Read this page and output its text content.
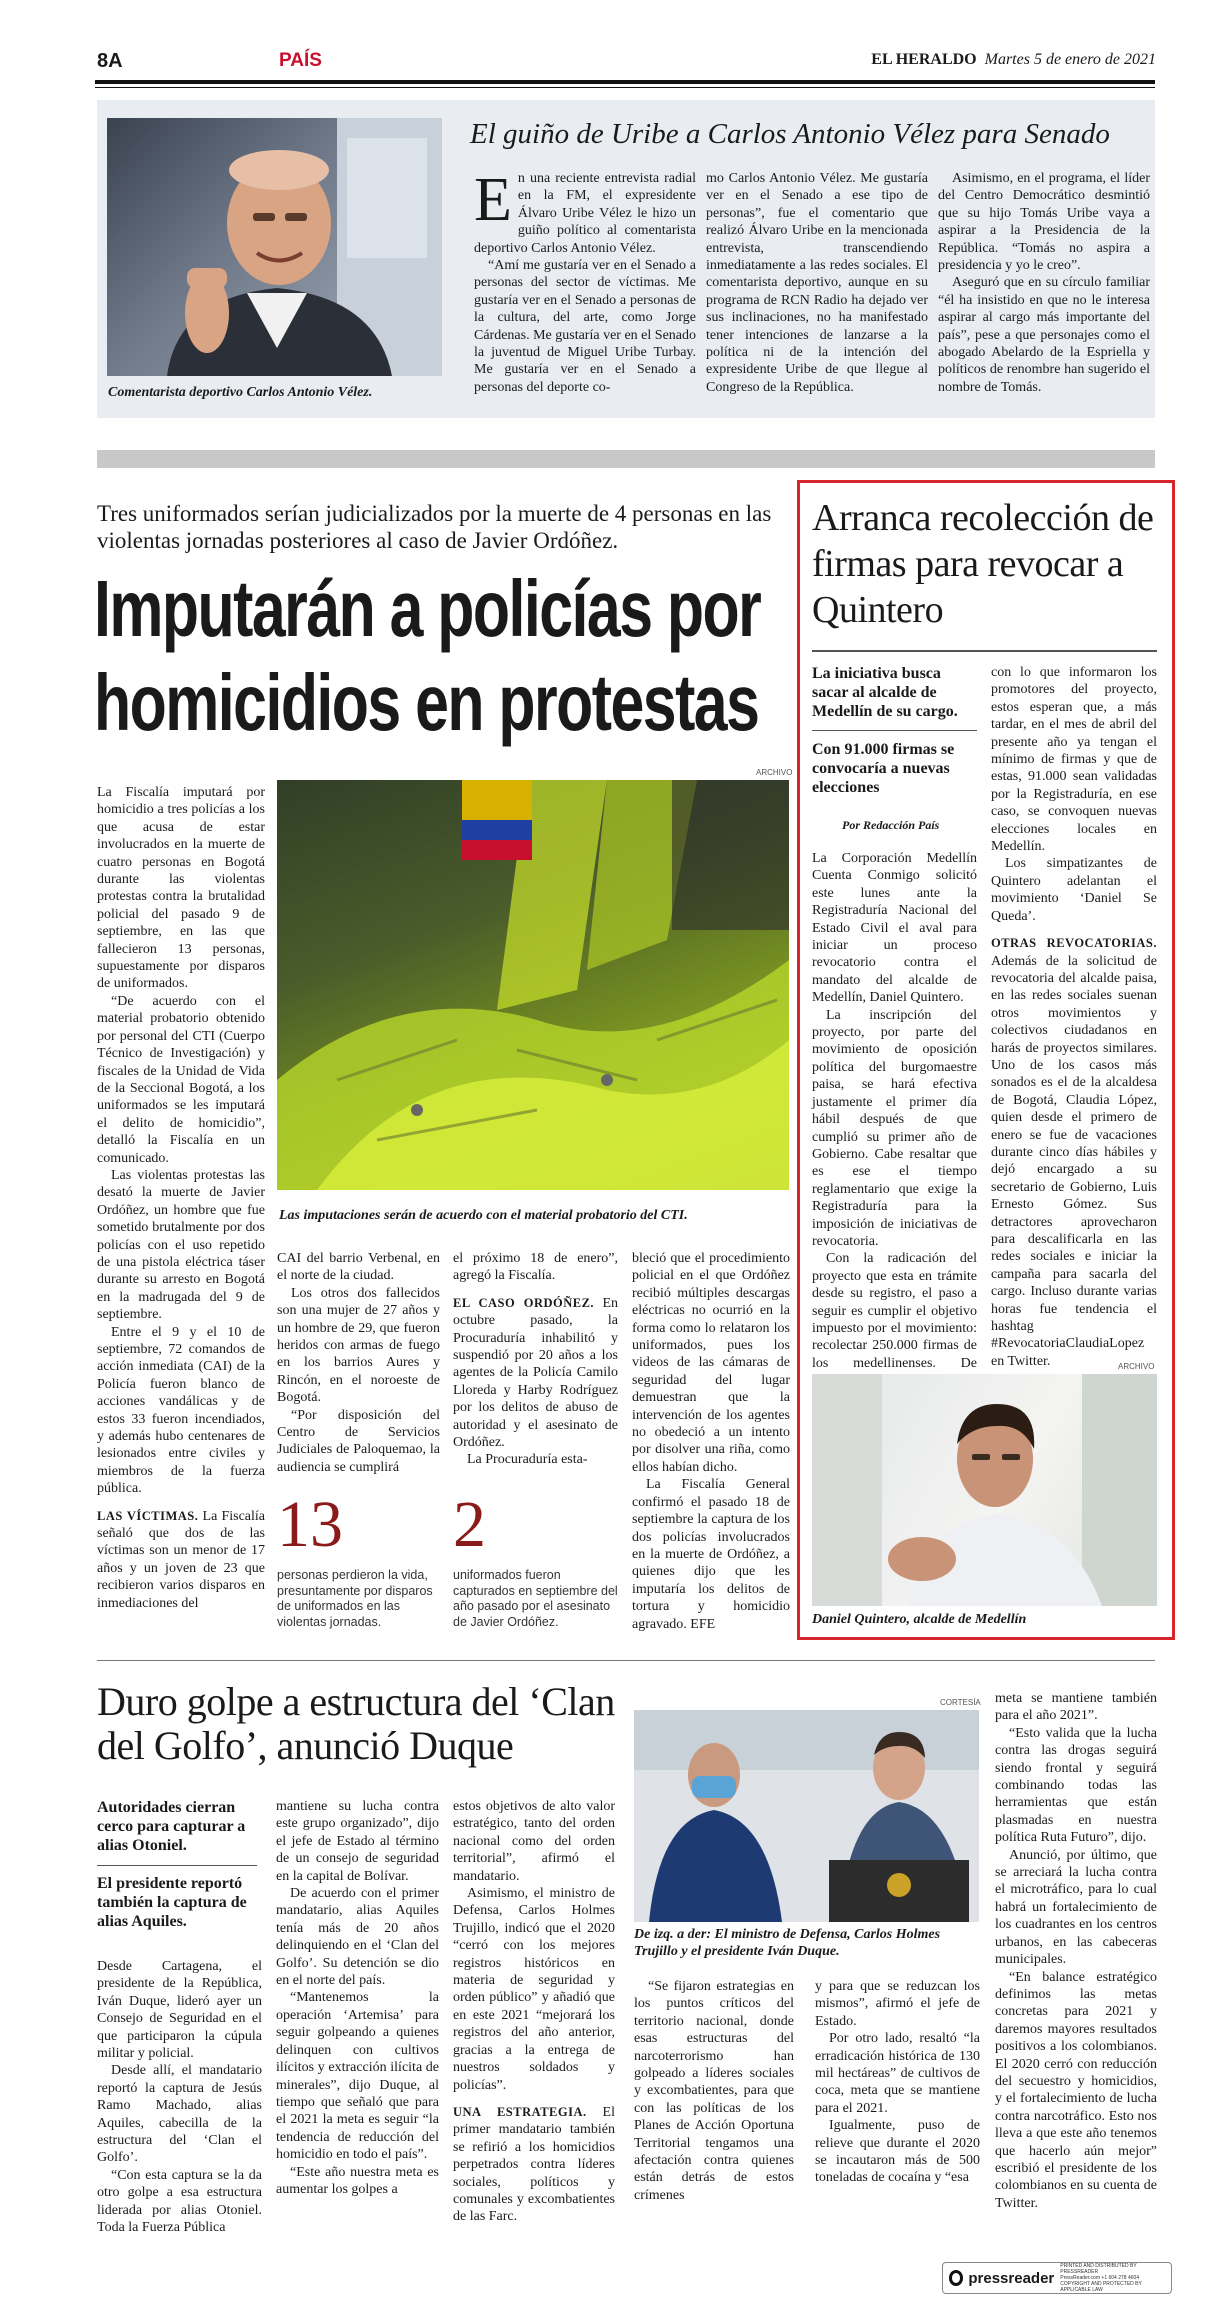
8A	PAÍS	EL HERALDO Martes 5 de enero de 2021
Comentarista deportivo Carlos Antonio Vélez.
El guiño de Uribe a Carlos Antonio Vélez para Senado
E n una reciente entrevista radial en la FM, el expresidente Álvaro Uribe Vélez le hizo un guiño político al comentarista deportivo Carlos Antonio Vélez.

“Amí me gustaría ver en el Senado a personas del sector de víctimas. Me gustaría ver en el Senado a personas de la cultura, del arte, como Jorge Cárdenas. Me gustaría ver en el Senado la juventud de Miguel Uribe Turbay. Me gustaría ver en el Senado a personas del deporte co-

mo Carlos Antonio Vélez. Me gustaría ver en el Senado a ese tipo de personas”, fue el comentario que realizó Álvaro Uribe en la mencionada entrevista, transcendiendo inmediatamente a las redes sociales. El comentarista deportivo, aunque en su programa de RCN Radio ha dejado ver sus inclinaciones, no ha manifestado tener intenciones de lanzarse a la política ni de la intención del expresidente Uribe de que llegue al Congreso de la República.

Asimismo, en el programa, el líder del Centro Democrático desmintió que su hijo Tomás Uribe vaya a aspirar a la Presidencia de la República. “Tomás no aspira a presidencia y yo le creo”.

Aseguró que en su círculo familiar “él ha insistido en que no le interesa aspirar al cargo más importante del país”, pese a que personajes como el abogado Abelardo de la Espriella y políticos de renombre han sugerido el nombre de Tomás.

Tres uniformados serían judicializados por la muerte de 4 personas en las violentas jornadas posteriores al caso de Javier Ordóñez.
Imputarán a policías por
homicidios en protestas
ARCHIVO
Las imputaciones serán de acuerdo con el material probatorio del CTI.

La Fiscalía imputará por homicidio a tres policías a los que acusa de estar involucrados en la muerte de cuatro personas en Bogotá durante las violentas protestas contra la brutalidad policial del pasado 9 de septiembre, en las que fallecieron 13 personas, supuestamente por disparos de uniformados.

“De acuerdo con el material probatorio obtenido por personal del CTI (Cuerpo Técnico de Investigación) y fiscales de la Unidad de Vida de la Seccional Bogotá, a los uniformados se les imputará el delito de homicidio”, detalló la Fiscalía en un comunicado.

Las violentas protestas las desató la muerte de Javier Ordóñez, un hombre que fue sometido brutalmente por dos policías con el uso repetido de una pistola eléctrica táser durante su arresto en Bogotá en la madrugada del 9 de septiembre.

Entre el 9 y el 10 de septiembre, 72 comandos de acción inmediata (CAI) de la Policía fueron blanco de acciones vandálicas y de estos 33 fueron incendiados, y además hubo centenares de lesionados entre civiles y miembros de la fuerza pública.

LAS VÍCTIMAS. La Fiscalía señaló que dos de las víctimas son un menor de 17 años y un joven de 23 que recibieron varios disparos en inmediaciones del

CAI del barrio Verbenal, en el norte de la ciudad.

Los otros dos fallecidos son una mujer de 27 años y un hombre de 29, que fueron heridos con armas de fuego en los barrios Aures y Rincón, en el noroeste de Bogotá.

“Por disposición del Centro de Servicios Judiciales de Paloquemao, la audiencia se cumplirá

el próximo 18 de enero”, agregó la Fiscalía.

EL CASO ORDÓÑEZ. En octubre pasado, la Procuraduría inhabilitó y suspendió por 20 años a los agentes de la Policía Camilo Lloreda y Harby Rodríguez por los delitos de abuso de autoridad y el asesinato de Ordóñez.

La Procuraduría esta-

13
personas perdieron la vida, presuntamente por disparos de uniformados en las violentas jornadas.
2
uniformados fueron capturados en septiembre del año pasado por el asesinato de Javier Ordóñez.

bleció que el procedimiento policial en el que Ordóñez recibió múltiples descargas eléctricas no ocurrió en la forma como lo relataron los uniformados, pues los videos de las cámaras de seguridad del lugar demuestran que la intervención de los agentes no obedeció a un intento por disolver una riña, como ellos habían dicho.

La Fiscalía General confirmó el pasado 18 de septiembre la captura de los dos policías involucrados en la muerte de Ordóñez, a quienes dijo que les imputaría los delitos de tortura y homicidio agravado. EFE

Arranca recolección de firmas para revocar a Quintero
La iniciativa busca sacar al alcalde de Medellín de su cargo.
Con 91.000 firmas se convocaría a nuevas elecciones
Por Redacción País

La Corporación Medellín Cuenta Conmigo solicitó este lunes ante la Registraduría Nacional del Estado Civil el aval para iniciar un proceso revocatorio contra el mandato del alcalde de Medellín, Daniel Quintero.

La inscripción del proyecto, por parte del movimiento de oposición política del burgomaestre paisa, se hará efectiva justamente el primer día hábil después de que cumplió su primer año de Gobierno. Cabe resaltar que es ese el tiempo reglamentario que exige la Registraduría para la imposición de iniciativas de revocatoria.

Con la radicación del proyecto que esta en trámite desde su registro, el paso a seguir es cumplir el objetivo impuesto por el movimiento: recolectar 250.000 firmas de los medellinenses. De

con lo que informaron los promotores del proyecto, estos esperan que, a más tardar, en el mes de abril del presente año ya tengan el mínimo de firmas y que de estas, 91.000 sean validadas por la Registraduría, en ese caso, se convoquen nuevas elecciones locales en Medellín.

Los simpatizantes de Quintero adelantan el movimiento ‘Daniel Se Queda’.

OTRAS REVOCATORIAS. Además de la solicitud de revocatoria del alcalde paisa, en las redes sociales suenan otros movimientos y colectivos ciudadanos en harás de proyectos similares. Uno de los casos más sonados es el de la alcaldesa de Bogotá, Claudia López, quien desde el primero de enero se fue de vacaciones durante cinco días hábiles y dejó encargado a su secretario de Gobierno, Luis Ernesto Gómez. Sus detractores aprovecharon para descalificarla en las redes sociales e iniciar la campaña para sacarla del cargo. Incluso durante varias horas fue tendencia el hashtag #RevocatoriaClaudiaLopez en Twitter.	ARCHIVO
Daniel Quintero, alcalde de Medellín
Duro golpe a estructura del ‘Clan del Golfo’, anunció Duque
Autoridades cierran cerco para capturar a alias Otoniel.
El presidente reportó también la captura de alias Aquiles.

Desde Cartagena, el presidente de la República, Iván Duque, lideró ayer un Consejo de Seguridad en el que participaron la cúpula militar y policial.

Desde allí, el mandatario reportó la captura de Jesús Ramo Machado, alias Aquiles, cabecilla de la estructura del ‘Clan el Golfo’.

“Con esta captura se la da otro golpe a esa estructura liderada por alias Otoniel. Toda la Fuerza Pública

mantiene su lucha contra este grupo organizado”, dijo el jefe de Estado al término de un consejo de seguridad en la capital de Bolívar.

De acuerdo con el primer mandatario, alias Aquiles tenía más de 20 años delinquiendo en el ‘Clan del Golfo’. Su detención se dio en el norte del país.

“Mantenemos la operación ‘Artemisa’ para seguir golpeando a quienes delinquen con cultivos ilícitos y extracción ilícita de minerales”, dijo Duque, al tiempo que señaló que para el 2021 la meta es seguir “la tendencia de reducción del homicidio en todo el país”.

“Este año nuestra meta es aumentar los golpes a

estos objetivos de alto valor estratégico, tanto del orden nacional como del orden territorial”, afirmó el mandatario.

Asimismo, el ministro de Defensa, Carlos Holmes Trujillo, indicó que el 2020 “cerró con los mejores registros históricos en materia de seguridad y orden público” y añadió que en este 2021 “mejorará los registros del año anterior, gracias a la entrega de nuestros soldados y policías”.

UNA ESTRATEGIA. El primer mandatario también se refirió a los homicidios perpetrados contra líderes sociales, políticos y comunales y excombatientes de las Farc.

CORTESÍA
De izq. a der: El ministro de Defensa, Carlos Holmes Trujillo y el presidente Iván Duque.

“Se fijaron estrategias en los puntos críticos del territorio nacional, donde esas estructuras del narcoterrorismo han golpeado a líderes sociales y excombatientes, para que con las políticas de los Planes de Acción Oportuna Territorial tengamos una afectación contra quienes están detrás de estos crímenes

y para que se reduzcan los mismos”, afirmó el jefe de Estado.

Por otro lado, resaltó “la erradicación histórica de 130 mil hectáreas” de cultivos de coca, meta que se mantiene para el 2021.

Igualmente, puso de relieve que durante el 2020 se incautaron más de 500 toneladas de cocaína y “esa

meta se mantiene también para el año 2021”.

“Esto valida que la lucha contra las drogas seguirá siendo frontal y seguirá combinando todas las herramientas que están plasmadas en nuestra política Ruta Futuro”, dijo.

Anunció, por último, que se arreciará la lucha contra el microtráfico, para lo cual habrá un fortalecimiento de los cuadrantes en los centros urbanos, en las cabeceras municipales.

“En balance estratégico definimos las metas concretas para 2021 y daremos mayores resultados positivos a los colombianos. El 2020 cerró con reducción del secuestro y homicidios, y el fortalecimiento de lucha contra narcotráfico. Esto nos lleva a que este año tenemos que hacerlo aún mejor” escribió el presidente de los colombianos en su cuenta de Twitter.

pressreader
PRINTED AND DISTRIBUTED BY PRESSREADER
PressReader.com +1 604 278 4604
COPYRIGHT AND PROTECTED BY APPLICABLE LAW
